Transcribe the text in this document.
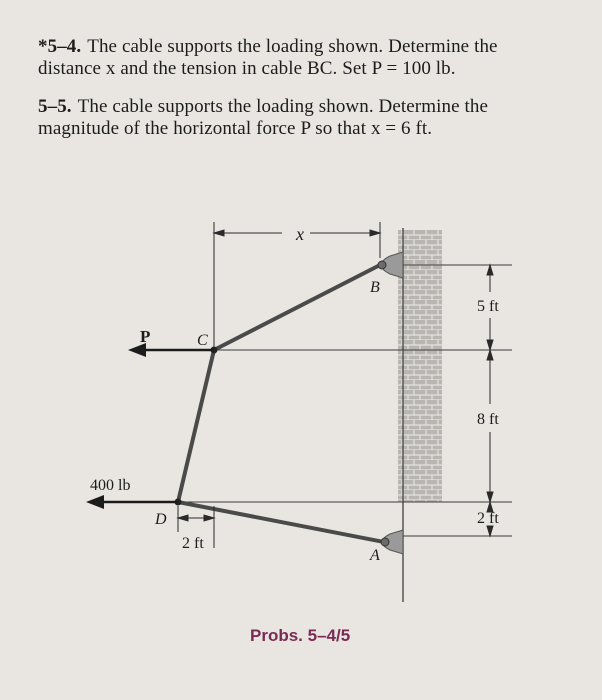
*5–4. The cable supports the loading shown. Determine the distance x and the tension in cable BC. Set P = 100 lb.
5–5. The cable supports the loading shown. Determine the magnitude of the horizontal force P so that x = 6 ft.
x
B
C
D
A
P
400 lb
5 ft
8 ft
2 ft
2 ft
Probs. 5–4/5
